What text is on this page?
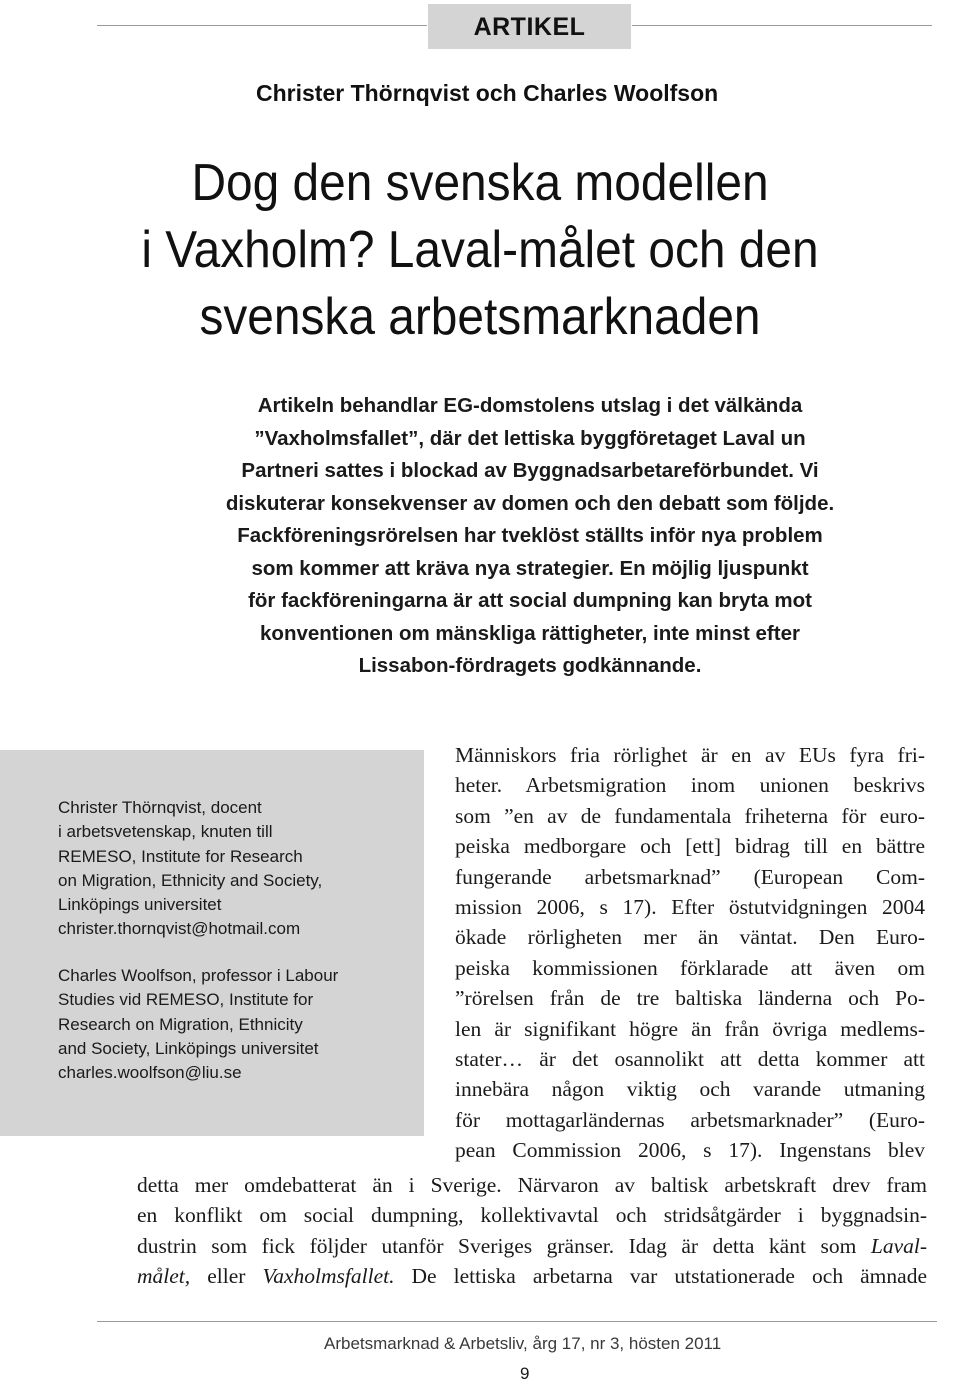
ARTIKEL
Christer Thörnqvist och Charles Woolfson
Dog den svenska modellen
i Vaxholm? Laval-målet och den
svenska arbetsmarknaden
Artikeln behandlar EG-domstolens utslag i det välkända
”Vaxholmsfallet”, där det lettiska byggföretaget Laval un
Partneri sattes i blockad av Byggnadsarbetareförbundet. Vi
diskuterar konsekvenser av domen och den debatt som följde.
Fackföreningsrörelsen har tveklöst ställts inför nya problem
som kommer att kräva nya strategier. En möjlig ljuspunkt
för fackföreningarna är att social dumpning kan bryta mot
konventionen om mänskliga rättigheter, inte minst efter
Lissabon-fördragets godkännande.
Christer Thörnqvist, docent
i arbetsvetenskap, knuten till
REMESO, Institute for Research
on Migration, Ethnicity and Society,
Linköpings universitet
christer.thornqvist@hotmail.com
Charles Woolfson, professor i Labour
Studies vid REMESO, Institute for
Research on Migration, Ethnicity
and Society, Linköpings universitet
charles.woolfson@liu.se
Människors fria rörlighet är en av EUs fyra fri-
heter. Arbetsmigration inom unionen beskrivs
som ”en av de fundamentala friheterna för euro-
peiska medborgare och [ett] bidrag till en bättre
fungerande arbetsmarknad” (European Com-
mission 2006, s 17). Efter östutvidgningen 2004
ökade rörligheten mer än väntat. Den Euro-
peiska kommissionen förklarade att även om
”rörelsen från de tre baltiska länderna och Po-
len är signifikant högre än från övriga medlems-
stater… är det osannolikt att detta kommer att
innebära någon viktig och varande utmaning
för mottagarländernas arbetsmarknader” (Euro-
pean Commission 2006, s 17). Ingenstans blev
detta mer omdebatterat än i Sverige. Närvaron av baltisk arbetskraft drev fram
en konflikt om social dumpning, kollektivavtal och stridsåtgärder i byggnadsin-
dustrin som fick följder utanför Sveriges gränser. Idag är detta känt som Laval-
målet, eller Vaxholmsfallet. De lettiska arbetarna var utstationerade och ämnade
Arbetsmarknad & Arbetsliv, årg 17, nr 3, hösten 2011
9
